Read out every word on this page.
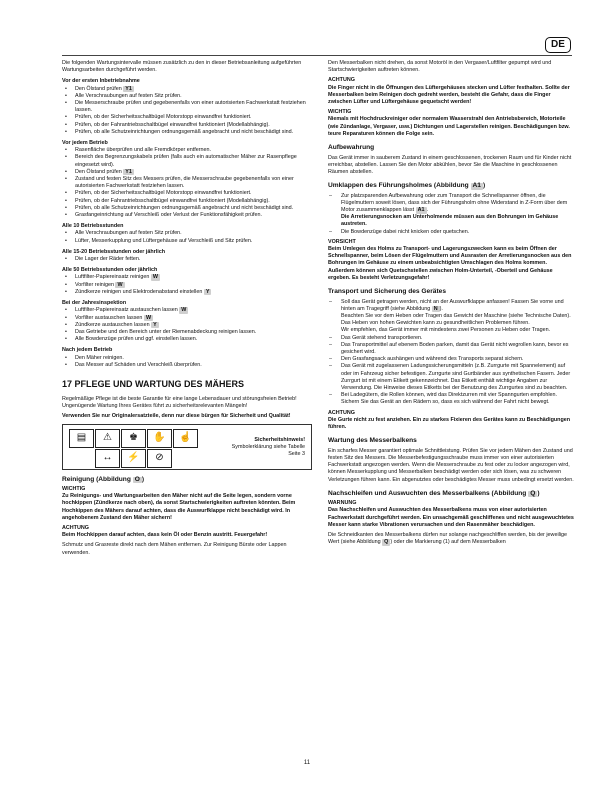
DE

Die folgenden Wartungsintervalle müssen zusätzlich zu den in dieser Betriebsanleitung aufgeführten Wartungsarbeiten durchgeführt werden.

Vor der ersten Inbetriebnahme
• Den Ölstand prüfen Y1
• Alle Verschraubungen auf festen Sitz prüfen.
• Die Messerschraube prüfen und gegebenenfalls von einer autorisierten Fachwerkstatt festziehen lassen.
• Prüfen, ob der Sicherheitsschaltbügel Motorstopp einwandfrei funktioniert.
• Prüfen, ob der Fahrantriebsschaltbügel einwandfrei funktioniert (Modellabhängig).
• Prüfen, ob alle Schutzeinrichtungen ordnungsgemäß angebracht und nicht beschädigt sind.
Vor jedem Betrieb
• Rasenfläche überprüfen und alle Fremdkörper entfernen.
• Bereich des Begrenzungskabels prüfen (falls auch ein automatischer Mäher zur Rasenpflege eingesetzt wird).
• Den Ölstand prüfen Y1
• Zustand und festen Sitz des Messers prüfen, die Messerschraube gegebenenfalls von einer autorisierten Fachwerkstatt festziehen lassen.
• Prüfen, ob der Sicherheitsschaltbügel Motorstopp einwandfrei funktioniert.
• Prüfen, ob der Fahrantriebsschaltbügel einwandfrei funktioniert (Modellabhängig).
• Prüfen, ob alle Schutzeinrichtungen ordnungsgemäß angebracht und nicht beschädigt sind.
• Grasfangeinrichtung auf Verschleiß oder Verlust der Funktionsfähigkeit prüfen.
Alle 10 Betriebsstunden
• Alle Verschraubungen auf festen Sitz prüfen.
• Lüfter, Messerkupplung und Lüftergehäuse auf Verschleiß und Sitz prüfen.
Alle 15-20 Betriebsstunden oder jährlich
• Die Lager der Räder fetten.
Alle 50 Betriebsstunden oder jährlich
• Luftfilter-Papiereinsatz reinigen W
• Vorfilter reinigen W
• Zündkerze reinigen und Elektrodenabstand einstellen Y
Bei der Jahresinspektion
• Luftfilter-Papiereinsatz austauschen lassen W
• Vorfilter austauschen lassen W
• Zündkerze austauschen lassen Y
• Das Getriebe und den Bereich unter der Riemenabdeckung reinigen lassen.
• Alle Bowdenzüge prüfen und ggf. einstellen lassen.
Nach jedem Betrieb
• Den Mäher reinigen.
• Das Messer auf Schäden und Verschleiß überprüfen.
17 PFLEGE UND WARTUNG DES MÄHERS

Regelmäßige Pflege ist die beste Garantie für eine lange Lebensdauer und störungsfreien Betrieb! Ungenügende Wartung Ihres Gerätes führt zu sicherheitsrelevanten Mängeln!

Verwenden Sie nur Originalersatzteile, denn nur diese bürgen für Sicherheit und Qualität!

▤	⚠	♚	✋	☝
↔	⚡	⊘
Sicherheitshinweis!
Symbolerklärung siehe Tabelle
Seite 3
Reinigung (Abbildung O )
WICHTIG

Zu Reinigungs- und Wartungsarbeiten den Mäher nicht auf die Seite legen, sondern vorne hochkippen (Zündkerze nach oben), da sonst Startschwierigkeiten auftreten könnten. Beim Hochkippen des Mähers darauf achten, dass die Auswurfklappe nicht beschädigt wird. In angehobenem Zustand den Mäher sichern!

ACHTUNG

Beim Hochkippen darauf achten, dass kein Öl oder Benzin austritt. Feuergefahr!

Schmutz und Grasreste direkt nach dem Mähen entfernen. Zur Reinigung Bürste oder Lappen verwenden.

Den Messerbalken nicht drehen, da sonst Motoröl in den Vergaser/Luftfilter gepumpt wird und Startschwierigkeiten auftreten können.

ACHTUNG

Die Finger nicht in die Öffnungen des Lüftergehäuses stecken und Lüfter festhalten. Sollte der Messerbalken beim Reinigen doch gedreht werden, besteht die Gefahr, dass die Finger zwischen Lüfter und Lüftergehäuse gequetscht werden!

WICHTIG

Niemals mit Hochdruckreiniger oder normalem Wasserstrahl den Antriebsbereich, Motorteile (wie Zündanlage, Vergaser, usw.) Dichtungen und Lagerstellen reinigen. Beschädigungen bzw. teure Reparaturen können die Folge sein.

Aufbewahrung

Das Gerät immer in sauberem Zustand in einem geschlossenen, trockenen Raum und für Kinder nicht erreichbar, abstellen. Lassen Sie den Motor abkühlen, bevor Sie die Maschine in geschlossenen Räumen abstellen.

Umklappen des Führungsholmes (Abbildung A1 )
– Zur platzsparenden Aufbewahrung oder zum Transport die Schnellspanner öffnen, die Flügelmuttern soweit lösen, dass sich der Führungsholm ohne Widerstand in Z-Form über dem Motor zusammenklappen lässt A1 .
Die Arretierungsnocken am Unterholmende müssen aus den Bohrungen im Gehäuse austreten.
– Die Bowdenzüge dabei nicht knicken oder quetschen.
VORSICHT

Beim Umlegen des Holms zu Transport- und Lagerungszwecken kann es beim Öffnen der Schnellspanner, beim Lösen der Flügelmuttern und Ausrasten der Arretierungsnocken aus den Bohrungen im Gehäuse zu einem unbeabsichtigten Umschlagen des Holms kommen. Außerdem können sich Quetschstellen zwischen Holm-Unterteil, -Oberteil und Gehäuse ergeben. Es besteht Verletzungsgefahr!

Transport und Sicherung des Gerätes
– Soll das Gerät getragen werden, nicht an der Auswurfklappe anfassen! Fassen Sie vorne und hinten am Tragegriff (siehe Abbildung N ).
Beachten Sie vor dem Heben oder Tragen das Gewicht der Maschine (siehe Technische Daten). Das Heben von hohen Gewichten kann zu gesundheitlichen Problemen führen.
Wir empfehlen, das Gerät immer mit mindestens zwei Personen zu Heben oder Tragen.
– Das Gerät stehend transportieren.
– Das Transportmittel auf ebenem Boden parken, damit das Gerät nicht wegrollen kann, bevor es gesichert wird.
– Den Grasfangsack aushängen und während des Transports separat sichern.
– Das Gerät mit zugelassenen Ladungssicherungsmitteln (z.B. Zurrgurte mit Spannelement) auf oder im Fahrzeug sicher befestigen. Zurrgurte sind Gurtbänder aus synthetischen Fasern. Jeder Zurrgurt ist mit einem Etikett gekennzeichnet. Das Etikett enthält wichtige Angaben zur Verwendung. Die Hinweise dieses Etiketts bei der Benutzung des Zurrgurtes sind zu beachten.
– Bei Ladegütern, die Rollen können, wird das Direktzurren mit vier Spanngurten empfohlen. Sichern Sie das Gerät an den Rädern so, dass es sich während der Fahrt nicht bewegt.
ACHTUNG

Die Gurte nicht zu fest anziehen. Ein zu starkes Fixieren des Gerätes kann zu Beschädigungen führen.

Wartung des Messerbalkens

Ein scharfes Messer garantiert optimale Schnittleistung. Prüfen Sie vor jedem Mähen den Zustand und festen Sitz des Messers. Die Messerbefestigungsschraube muss immer von einer autorisierten Fachwerkstatt angezogen werden. Wenn die Messerschraube zu fest oder zu locker angezogen wird, können Messerkupplung und Messerbalken beschädigt werden oder sich lösen, was zu schweren Verletzungen führen kann. Ein abgenutztes oder beschädigtes Messer muss unbedingt ersetzt werden.

Nachschleifen und Auswuchten des Messerbalkens (Abbildung Q )
WARNUNG

Das Nachschleifen und Auswuchten des Messerbalkens muss von einer autorisierten Fachwerkstatt durchgeführt werden. Ein unsachgemäß geschliffenes und nicht ausgewuchtetes Messer kann starke Vibrationen verursachen und den Rasenmäher beschädigen.

Die Schneidkanten des Messerbalkens dürfen nur solange nachgeschliffen werden, bis der jeweilige Wert (siehe Abbildung Q ) oder die Markierung (1) auf dem Messerbalken

11
